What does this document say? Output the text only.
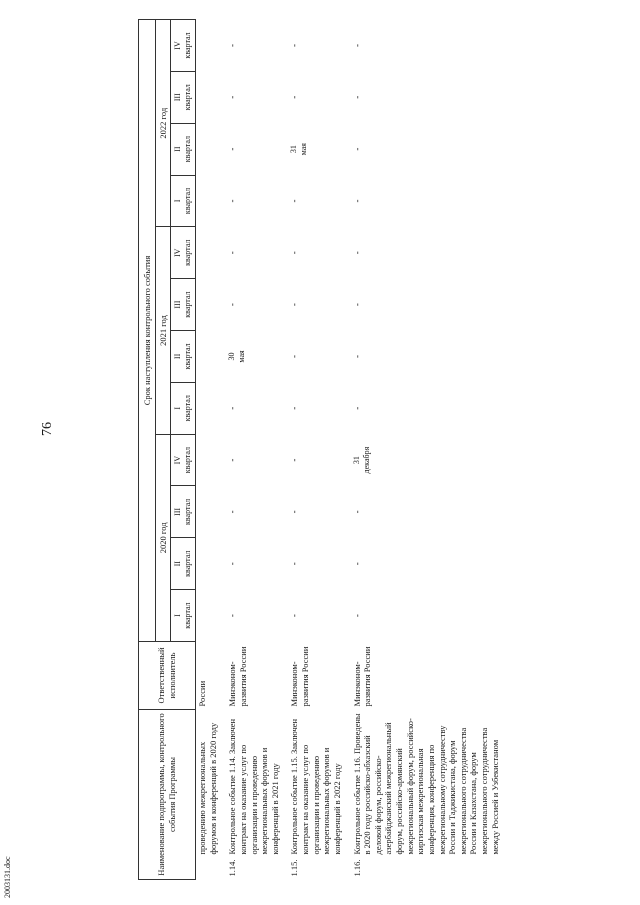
76
2003131.doc
Наименование подпрограммы, контрольного события Программы		Ответственный исполнитель	Срок наступления контрольного события											
			2020 год				2021 год				2022 год			

			I квартал	II квартал	III квартал	IV квартал	I квартал	II квартал	III квартал	IV квартал	I квартал	II квартал	III квартал	IV квартал

	проведению межрегиональных форумов и конференций в 2020 году	России												
1.14.	Контрольное событие 1.14. Заключен контракт на оказание услуг по организации и проведению межрегиональных форумов и конференций в 2021 году	Минэконом-развития России	-	-	-	-	-	30 мая	-	-	-	-	-	-
1.15.	Контрольное событие 1.15. Заключен контракт на оказание услуг по организации и проведению межрегиональных форумов и конференций в 2022 году	Минэконом-развития России	-	-	-	-	-	-	-	-	-	31 мая	-	-
1.16.	Контрольное событие 1.16. Проведены в 2020 году российско-абхазский деловой форум, российско-азербайджанский межрегиональный форум, российско-армянский межрегиональный форум, российско-киргизская межрегиональная конференция, конференция по межрегиональному сотрудничеству России и Таджикистана, форум межрегионального сотрудничества России и Казахстана, форум межрегионального сотрудничества между Россией и Узбекистаном	Минэконом-развития России	-	-	-	31 декабря	-	-	-	-	-	-	-	-
